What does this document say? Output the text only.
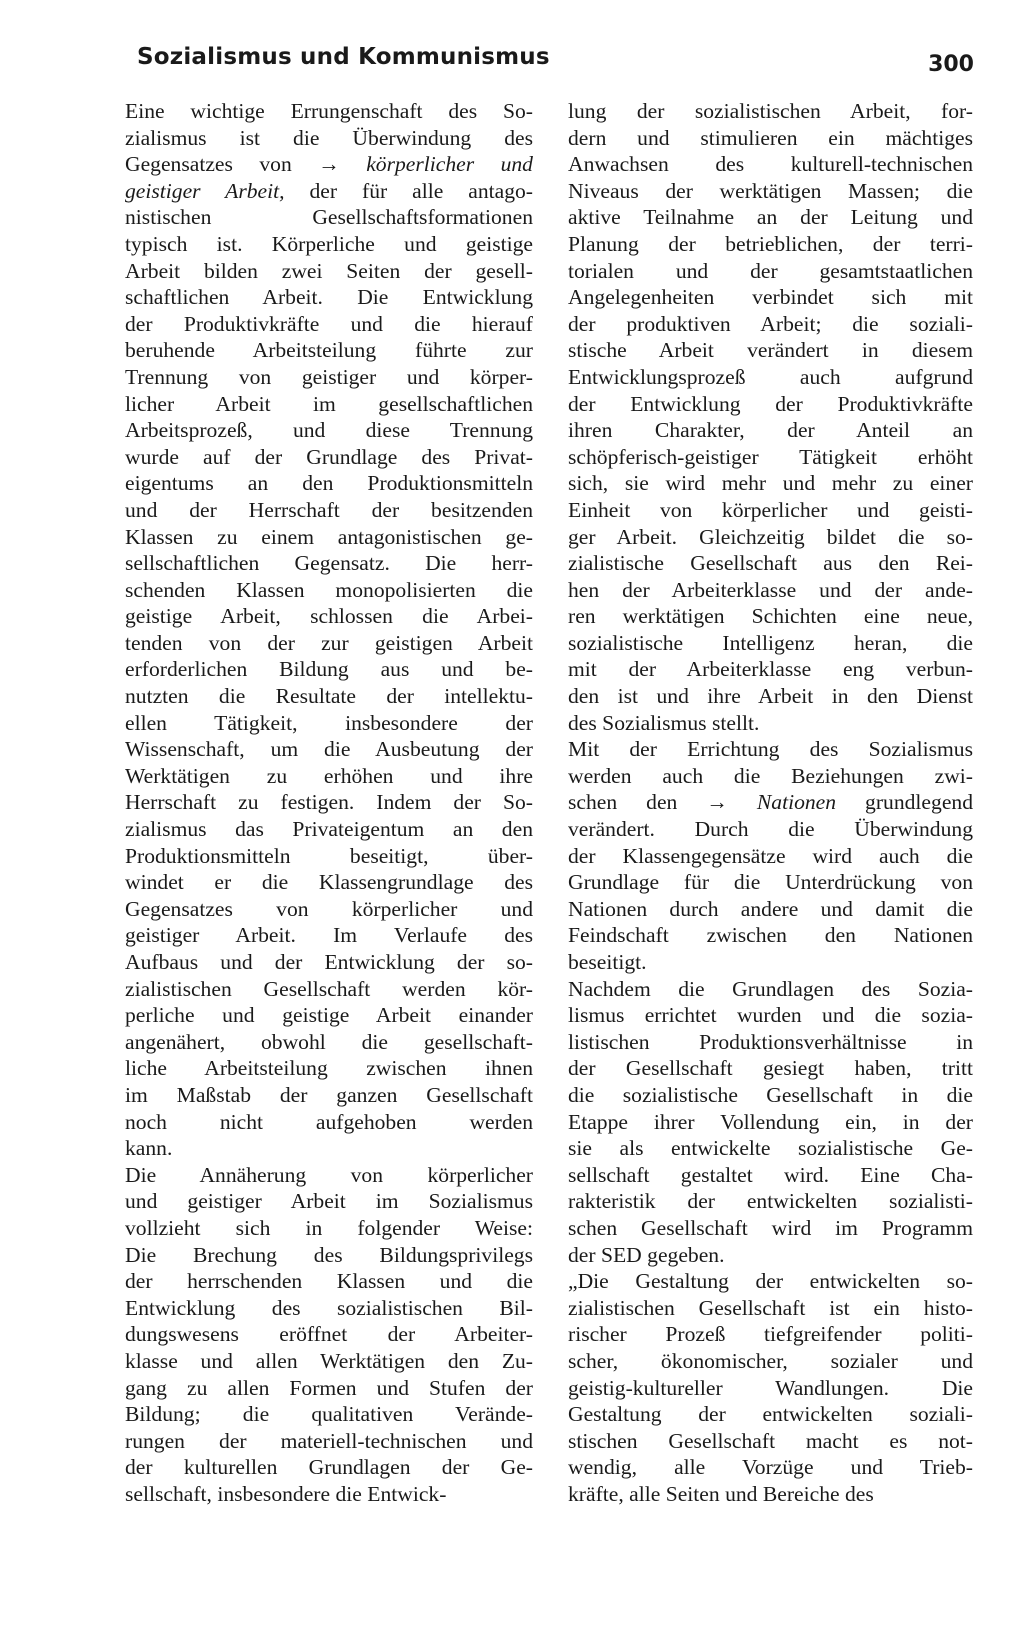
Sozialismus und Kommunismus	300
Eine wichtige Errungenschaft des So-
zialismus ist die Überwindung des
Gegensatzes von → körperlicher und
geistiger Arbeit, der für alle antago-
nistischen Gesellschaftsformationen
typisch ist. Körperliche und geistige
Arbeit bilden zwei Seiten der gesell-
schaftlichen Arbeit. Die Entwicklung
der Produktivkräfte und die hierauf
beruhende Arbeitsteilung führte zur
Trennung von geistiger und körper-
licher Arbeit im gesellschaftlichen
Arbeitsprozeß, und diese Trennung
wurde auf der Grundlage des Privat-
eigentums an den Produktionsmitteln
und der Herrschaft der besitzenden
Klassen zu einem antagonistischen ge-
sellschaftlichen Gegensatz. Die herr-
schenden Klassen monopolisierten die
geistige Arbeit, schlossen die Arbei-
tenden von der zur geistigen Arbeit
erforderlichen Bildung aus und be-
nutzten die Resultate der intellektu-
ellen Tätigkeit, insbesondere der
Wissenschaft, um die Ausbeutung der
Werktätigen zu erhöhen und ihre
Herrschaft zu festigen. Indem der So-
zialismus das Privateigentum an den
Produktionsmitteln beseitigt, über-
windet er die Klassengrundlage des
Gegensatzes von körperlicher und
geistiger Arbeit. Im Verlaufe des
Aufbaus und der Entwicklung der so-
zialistischen Gesellschaft werden kör-
perliche und geistige Arbeit einander
angenähert, obwohl die gesellschaft-
liche Arbeitsteilung zwischen ihnen
im Maßstab der ganzen Gesellschaft
noch nicht aufgehoben werden
kann.
Die Annäherung von körperlicher
und geistiger Arbeit im Sozialismus
vollzieht sich in folgender Weise:
Die Brechung des Bildungsprivilegs
der herrschenden Klassen und die
Entwicklung des sozialistischen Bil-
dungswesens eröffnet der Arbeiter-
klasse und allen Werktätigen den Zu-
gang zu allen Formen und Stufen der
Bildung; die qualitativen Verände-
rungen der materiell-technischen und
der kulturellen Grundlagen der Ge-
sellschaft, insbesondere die Entwick-
lung der sozialistischen Arbeit, for-
dern und stimulieren ein mächtiges
Anwachsen des kulturell-technischen
Niveaus der werktätigen Massen; die
aktive Teilnahme an der Leitung und
Planung der betrieblichen, der terri-
torialen und der gesamtstaatlichen
Angelegenheiten verbindet sich mit
der produktiven Arbeit; die soziali-
stische Arbeit verändert in diesem
Entwicklungsprozeß auch aufgrund
der Entwicklung der Produktivkräfte
ihren Charakter, der Anteil an
schöpferisch-geistiger Tätigkeit erhöht
sich, sie wird mehr und mehr zu einer
Einheit von körperlicher und geisti-
ger Arbeit. Gleichzeitig bildet die so-
zialistische Gesellschaft aus den Rei-
hen der Arbeiterklasse und der ande-
ren werktätigen Schichten eine neue,
sozialistische Intelligenz heran, die
mit der Arbeiterklasse eng verbun-
den ist und ihre Arbeit in den Dienst
des Sozialismus stellt.
Mit der Errichtung des Sozialismus
werden auch die Beziehungen zwi-
schen den → Nationen grundlegend
verändert. Durch die Überwindung
der Klassengegensätze wird auch die
Grundlage für die Unterdrückung von
Nationen durch andere und damit die
Feindschaft zwischen den Nationen
beseitigt.
Nachdem die Grundlagen des Sozia-
lismus errichtet wurden und die sozia-
listischen Produktionsverhältnisse in
der Gesellschaft gesiegt haben, tritt
die sozialistische Gesellschaft in die
Etappe ihrer Vollendung ein, in der
sie als entwickelte sozialistische Ge-
sellschaft gestaltet wird. Eine Cha-
rakteristik der entwickelten sozialisti-
schen Gesellschaft wird im Programm
der SED gegeben.
„Die Gestaltung der entwickelten so-
zialistischen Gesellschaft ist ein histo-
rischer Prozeß tiefgreifender politi-
scher, ökonomischer, sozialer und
geistig-kultureller Wandlungen. Die
Gestaltung der entwickelten soziali-
stischen Gesellschaft macht es not-
wendig, alle Vorzüge und Trieb-
kräfte, alle Seiten und Bereiche des
